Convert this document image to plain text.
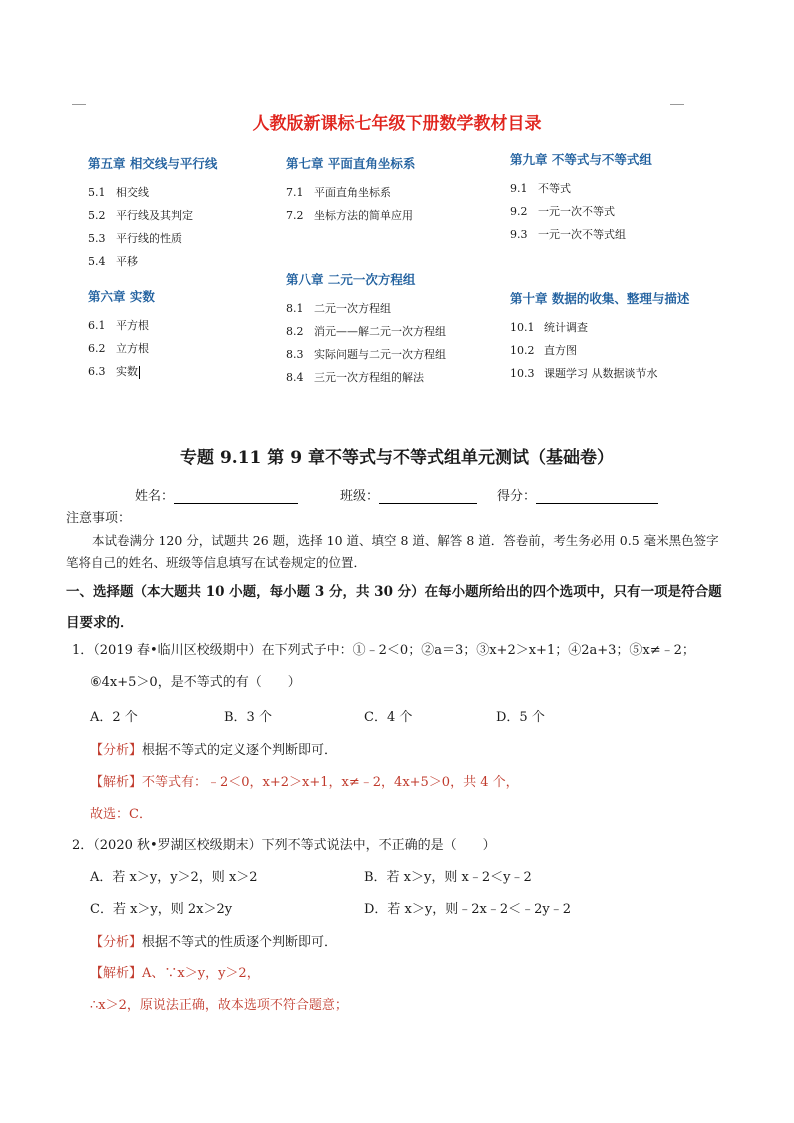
人教版新课标七年级下册数学教材目录
第五章 相交线与平行线
5.1 相交线
5.2 平行线及其判定
5.3 平行线的性质
5.4 平移
第六章 实数
6.1 平方根
6.2 立方根
6.3 实数
第七章 平面直角坐标系
7.1 平面直角坐标系
7.2 坐标方法的简单应用
第八章 二元一次方程组
8.1 二元一次方程组
8.2 消元——解二元一次方程组
8.3 实际问题与二元一次方程组
8.4 三元一次方程组的解法
第九章 不等式与不等式组
9.1 不等式
9.2 一元一次不等式
9.3 一元一次不等式组
第十章 数据的收集、整理与描述
10.1 统计调查
10.2 直方图
10.3 课题学习 从数据谈节水
专题 9.11 第 9 章不等式与不等式组单元测试（基础卷）
姓名：	班级：	得分：
注意事项：
本试卷满分 120 分，试题共 26 题，选择 10 道、填空 8 道、解答 8 道．答卷前，考生务必用 0.5 毫米黑色签字笔将自己的姓名、班级等信息填写在试卷规定的位置．
一、选择题（本大题共 10 小题，每小题 3 分，共 30 分）在每小题所给出的四个选项中，只有一项是符合题目要求的．
1．（2019 春•临川区校级期中）在下列式子中：①﹣2＜0；②a＝3；③x+2＞x+1；④2a+3；⑤x≠﹣2；
⑥4x+5＞0，是不等式的有（　　）
A．2 个	B．3 个	C．4 个	D．5 个
【分析】根据不等式的定义逐个判断即可．
【解析】不等式有：﹣2＜0，x+2＞x+1，x≠﹣2，4x+5＞0，共 4 个，
故选：C．
2．（2020 秋•罗湖区校级期末）下列不等式说法中，不正确的是（　　）
A．若 x＞y，y＞2，则 x＞2	B．若 x＞y，则 x﹣2＜y﹣2
C．若 x＞y，则 2x＞2y	D．若 x＞y，则﹣2x﹣2＜﹣2y﹣2
【分析】根据不等式的性质逐个判断即可．
【解析】A、∵x＞y，y＞2，
∴x＞2，原说法正确，故本选项不符合题意；
